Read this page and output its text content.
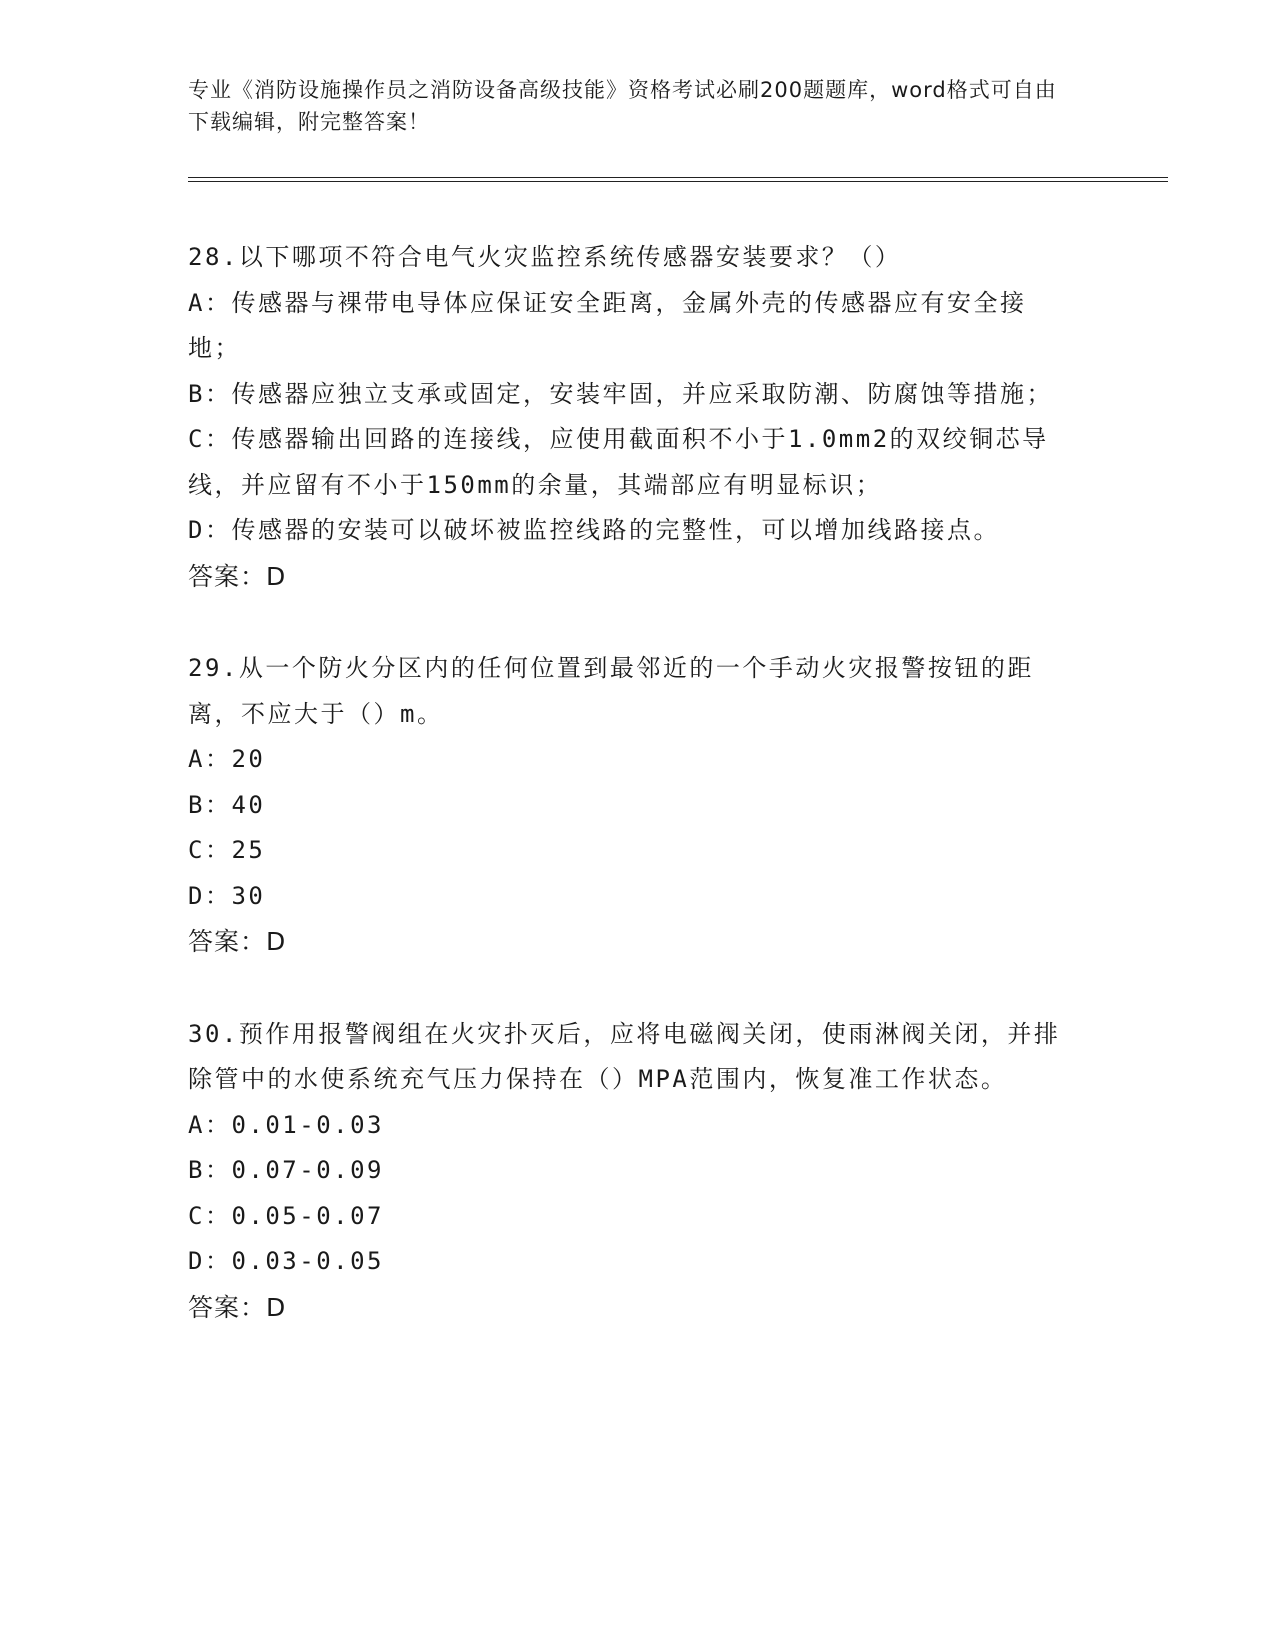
专业《消防设施操作员之消防设备高级技能》资格考试必刷200题题库，word格式可自由下载编辑，附完整答案！
28.以下哪项不符合电气火灾监控系统传感器安装要求？（）
A：传感器与裸带电导体应保证安全距离，金属外壳的传感器应有安全接地；
B：传感器应独立支承或固定，安装牢固，并应采取防潮、防腐蚀等措施；
C：传感器输出回路的连接线，应使用截面积不小于1.0mm2的双绞铜芯导线，并应留有不小于150mm的余量，其端部应有明显标识；
D：传感器的安装可以破坏被监控线路的完整性，可以增加线路接点。
答案：D
29.从一个防火分区内的任何位置到最邻近的一个手动火灾报警按钮的距离，不应大于（）m。
A：20
B：40
C：25
D：30
答案：D
30.预作用报警阀组在火灾扑灭后，应将电磁阀关闭，使雨淋阀关闭，并排除管中的水使系统充气压力保持在（）MPA范围内，恢复准工作状态。
A：0.01-0.03
B：0.07-0.09
C：0.05-0.07
D：0.03-0.05
答案：D
